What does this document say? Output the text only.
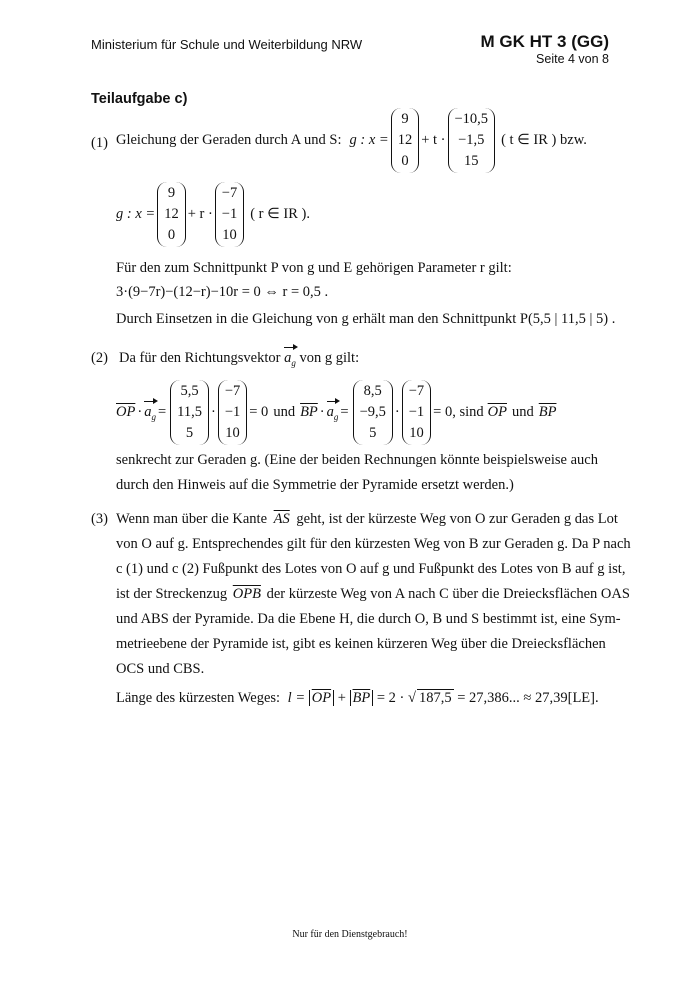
Ministerium für Schule und Weiterbildung NRW	M GK HT 3 (GG)
Seite 4 von 8
Teilaufgabe c)
(1) Gleichung der Geraden durch A und S: g : x =
9
12
0
+ t ·
−10,5
−1,5
15
( t ∈ IR ) bzw.
g : x =
9
12
0
+ r ·
−7
−1
10
( r ∈ IR ).
Für den zum Schnittpunkt P von g und E gehörigen Parameter r gilt:
3·(9−7r)−(12−r)−10r = 0 ⇔ r = 0,5 .
Durch Einsetzen in die Gleichung von g erhält man den Schnittpunkt P(5,5 | 11,5 | 5) .
(2) Da für den Richtungsvektor $a_g$ von g gilt:
$\overline{OP} \cdot a_g$ =
5,5
11,5
5
·
−7
−1
10
= 0 und $\overline{BP} \cdot a_g$ =
8,5
−9,5
5
·
−7
−1
10
= 0 , sind $\overline{OP}$ und $\overline{BP}$
senkrecht zur Geraden g. (Eine der beiden Rechnungen könnte beispielsweise auch
durch den Hinweis auf die Symmetrie der Pyramide ersetzt werden.)
(3) Wenn man über die Kante $\overline{AS}$ geht, ist der kürzeste Weg von O zur Geraden g das Lot
von O auf g. Entsprechendes gilt für den kürzesten Weg von B zur Geraden g. Da P nach
c (1) und c (2) Fußpunkt des Lotes von O auf g und Fußpunkt des Lotes von B auf g ist,
ist der Streckenzug $\overline{OPB}$ der kürzeste Weg von A nach C über die Dreiecksflächen OAS
und ABS der Pyramide. Da die Ebene H, die durch O, B und S bestimmt ist, eine Sym-
metrieebene der Pyramide ist, gibt es keinen kürzeren Weg über die Dreiecksflächen
OCS und CBS.
Länge des kürzesten Weges: $l = \overline{OP} + \overline{BP} = 2$ · √ 187,5 = 27,386... ≈ 27,39[LE].
Nur für den Dienstgebrauch!
